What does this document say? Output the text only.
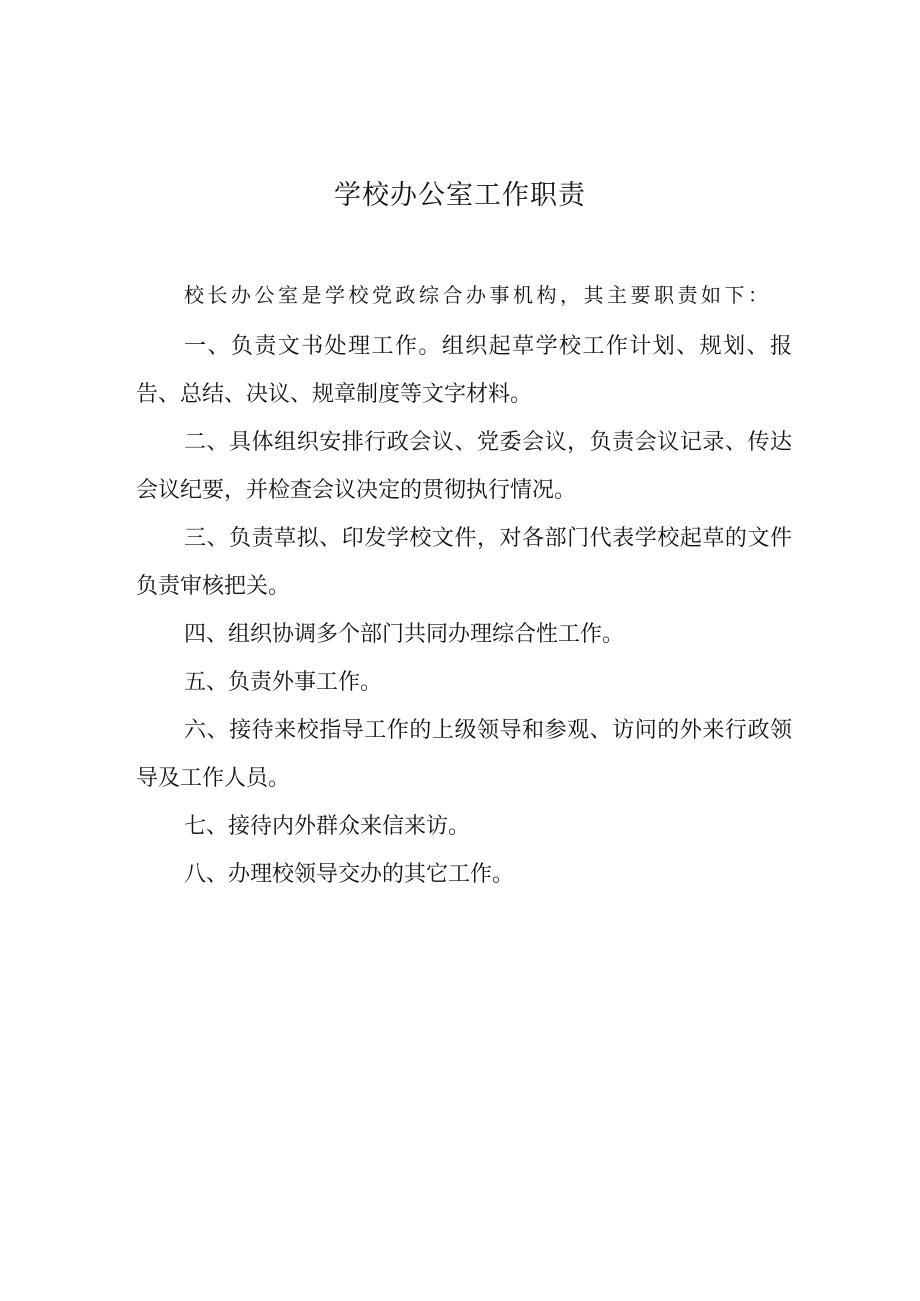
学校办公室工作职责

校长办公室是学校党政综合办事机构，其主要职责如下：

一、负责文书处理工作。组织起草学校工作计划、规划、报告、总结、决议、规章制度等文字材料。

二、具体组织安排行政会议、党委会议，负责会议记录、传达会议纪要，并检查会议决定的贯彻执行情况。

三、负责草拟、印发学校文件，对各部门代表学校起草的文件负责审核把关。

四、组织协调多个部门共同办理综合性工作。

五、负责外事工作。

六、接待来校指导工作的上级领导和参观、访问的外来行政领导及工作人员。

七、接待内外群众来信来访。

八、办理校领导交办的其它工作。
